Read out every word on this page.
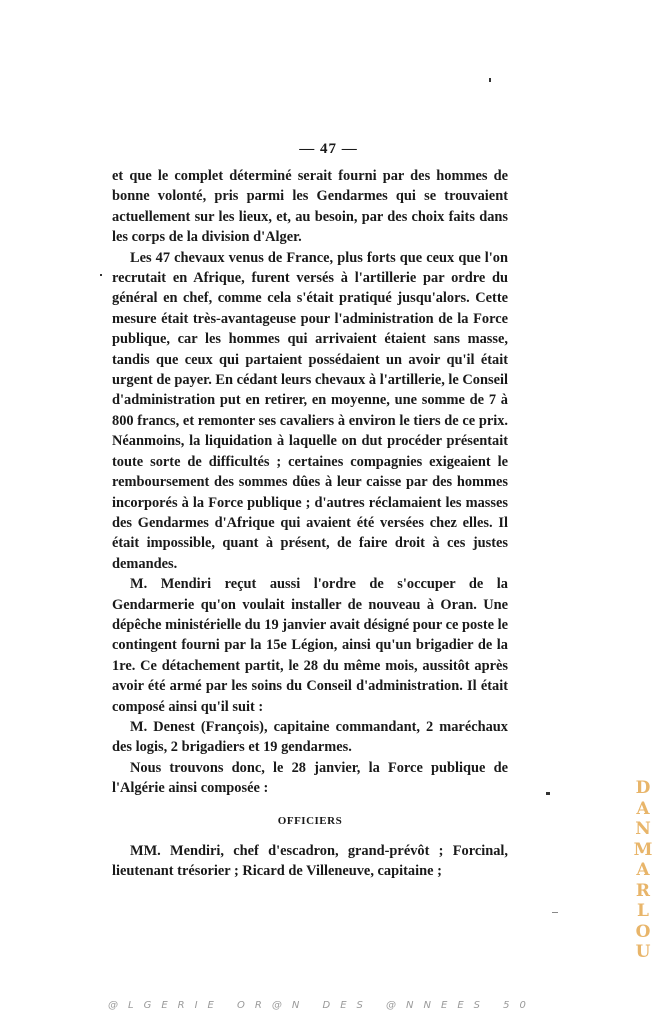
— 47 —

et que le complet déterminé serait fourni par des hommes de bonne volonté, pris parmi les Gendarmes qui se trouvaient actuellement sur les lieux, et, au besoin, par des choix faits dans les corps de la division d'Alger.

Les 47 chevaux venus de France, plus forts que ceux que l'on recrutait en Afrique, furent versés à l'artillerie par ordre du général en chef, comme cela s'était pratiqué jusqu'alors. Cette mesure était très-avantageuse pour l'administration de la Force publique, car les hommes qui arrivaient étaient sans masse, tandis que ceux qui partaient possédaient un avoir qu'il était urgent de payer. En cédant leurs chevaux à l'artillerie, le Conseil d'administration put en retirer, en moyenne, une somme de 7 à 800 francs, et remonter ses cavaliers à environ le tiers de ce prix. Néanmoins, la liquidation à laquelle on dut procéder présentait toute sorte de difficultés ; certaines compagnies exigeaient le remboursement des sommes dûes à leur caisse par des hommes incorporés à la Force publique ; d'autres réclamaient les masses des Gendarmes d'Afrique qui avaient été versées chez elles. Il était impossible, quant à présent, de faire droit à ces justes demandes.

M. Mendiri reçut aussi l'ordre de s'occuper de la Gendarmerie qu'on voulait installer de nouveau à Oran. Une dépêche ministérielle du 19 janvier avait désigné pour ce poste le contingent fourni par la 15e Légion, ainsi qu'un brigadier de la 1re. Ce détachement partit, le 28 du même mois, aussitôt après avoir été armé par les soins du Conseil d'administration. Il était composé ainsi qu'il suit :

M. Denest (François), capitaine commandant, 2 maréchaux des logis, 2 brigadiers et 19 gendarmes.

Nous trouvons donc, le 28 janvier, la Force publique de l'Algérie ainsi composée :

OFFICIERS

MM. Mendiri, chef d'escadron, grand-prévôt ; Forcinal, lieutenant trésorier ; Ricard de Villeneuve, capitaine ;

D
A
N
M
A
R
L
O
U
@LGERIE OR@N DES @NNEES 50
